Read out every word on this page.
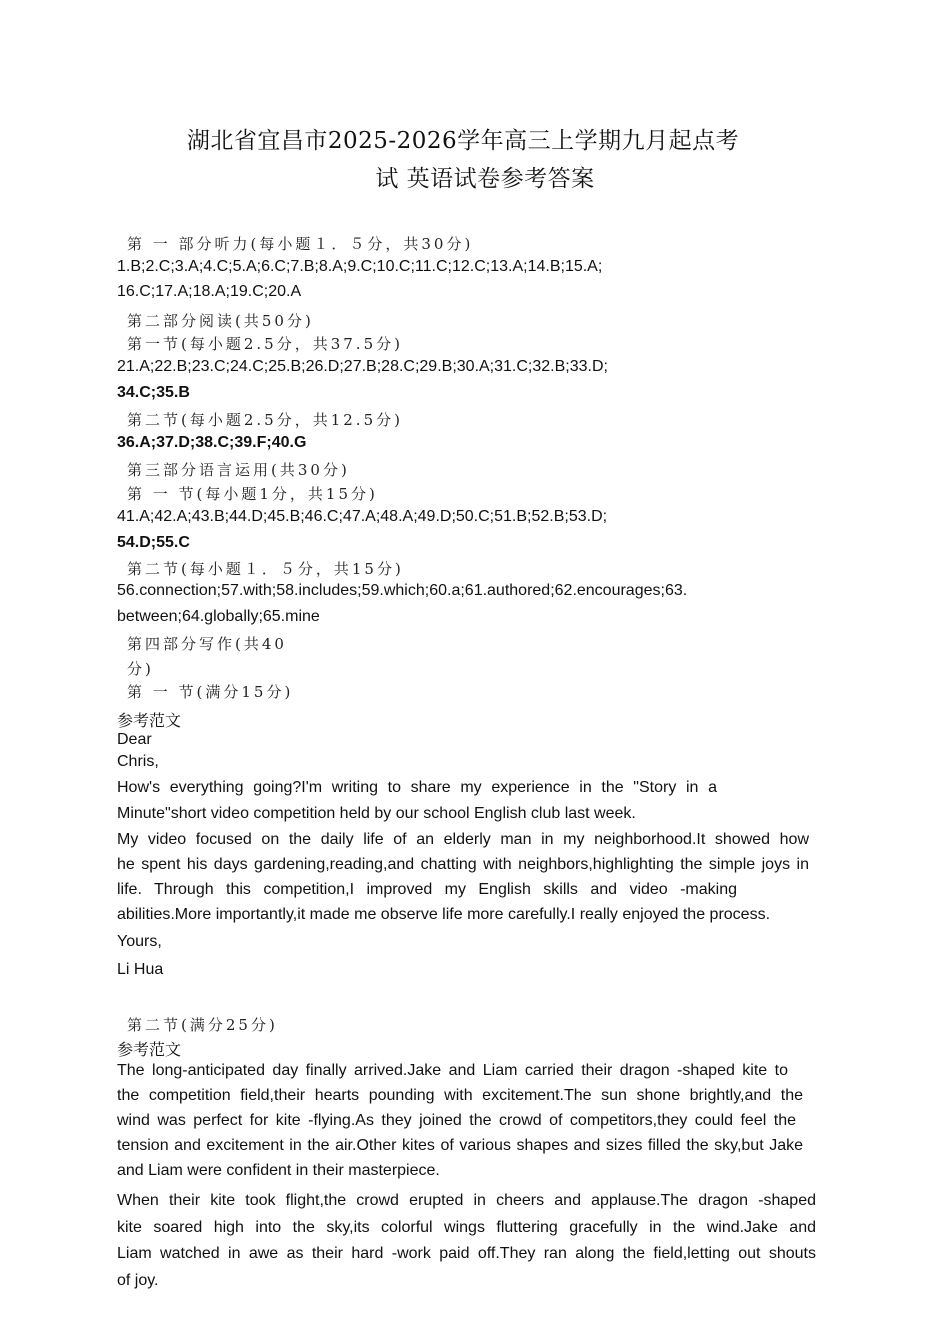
湖北省宜昌市2025-2026学年高三上学期九月起点考
试 英语试卷参考答案
第 一 部分听力(每小题１．５分，共30分)
1.B;2.C;3.A;4.C;5.A;6.C;7.B;8.A;9.C;10.C;11.C;12.C;13.A;14.B;15.A;
16.C;17.A;18.A;19.C;20.A
第二部分阅读(共50分)
第一节(每小题2.5分，共37.5分)
21.A;22.B;23.C;24.C;25.B;26.D;27.B;28.C;29.B;30.A;31.C;32.B;33.D;
34.C;35.B
第二节(每小题2.5分，共12.5分)
36.A;37.D;38.C;39.F;40.G
第三部分语言运用(共30分)
第 一 节(每小题1分，共15分)
41.A;42.A;43.B;44.D;45.B;46.C;47.A;48.A;49.D;50.C;51.B;52.B;53.D;
54.D;55.C
第二节(每小题１．５分，共15分)
56.connection;57.with;58.includes;59.which;60.a;61.authored;62.encourages;63.
between;64.globally;65.mine
第四部分写作(共40
分)
第 一 节(满分15分)
参考范文
Dear
Chris,
How's everything going?I'm writing to share my experience in the "Story in a
Minute"short video competition held by our school English club last week.
My video focused on the daily life of an elderly man in my neighborhood.It showed how
he spent his days gardening,reading,and chatting with neighbors,highlighting the simple joys in
life. Through this competition,I improved my English skills and video -making
abilities.More importantly,it made me observe life more carefully.I really enjoyed the process.
Yours,
Li Hua
第二节(满分25分)
参考范文
The long-anticipated day finally arrived.Jake and Liam carried their dragon -shaped kite to
the competition field,their hearts pounding with excitement.The sun shone brightly,and the
wind was perfect for kite -flying.As they joined the crowd of competitors,they could feel the
tension and excitement in the air.Other kites of various shapes and sizes filled the sky,but Jake
and Liam were confident in their masterpiece.
When their kite took flight,the crowd erupted in cheers and applause.The dragon -shaped
kite soared high into the sky,its colorful wings fluttering gracefully in the wind.Jake and
Liam watched in awe as their hard -work paid off.They ran along the field,letting out shouts
of joy.
